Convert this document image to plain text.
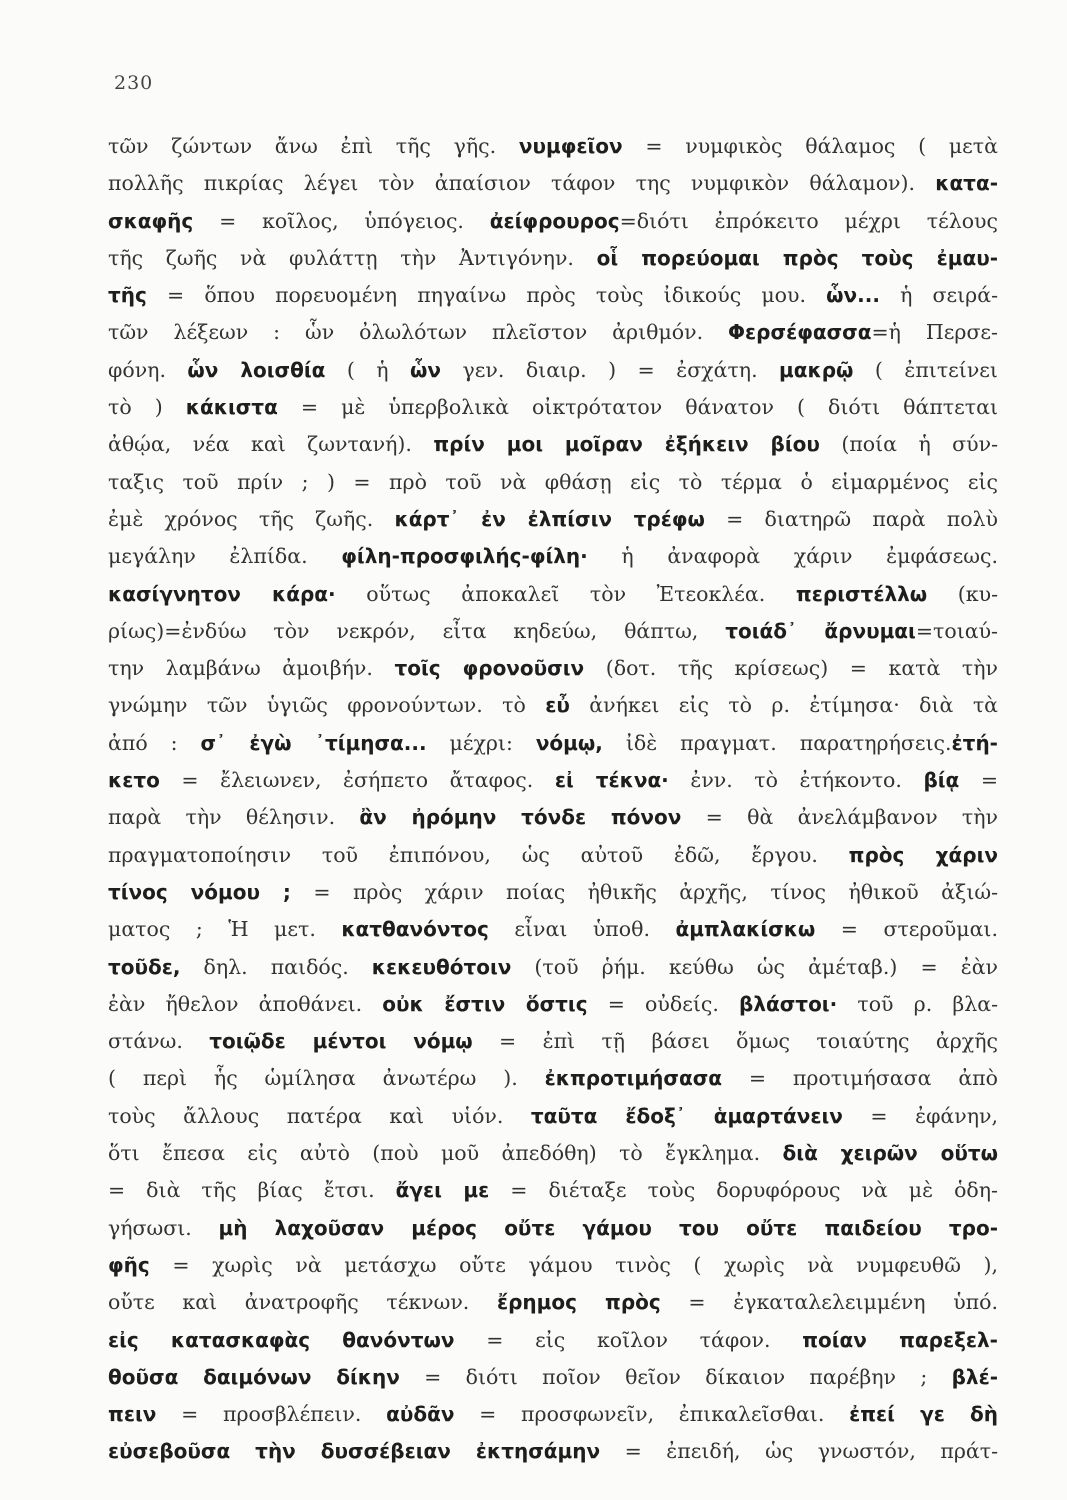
230
τῶν ζώντων ἄνω ἐπὶ τῆς γῆς. νυμφεῖον = νυμφικὸς θάλαμος ( μετὰ
πολλῆς πικρίας λέγει τὸν ἀπαίσιον τάφον της νυμφικὸν θάλαμον). κατα-
σκαφῆς = κοῖλος, ὑπόγειος. ἀείφρουρος=διότι ἐπρόκειτο μέχρι τέλους
τῆς ζωῆς νὰ φυλάττῃ τὴν Ἀντιγόνην. οἷ πορεύομαι πρὸς τοὺς ἐμαυ-
τῆς = ὅπου πορευομένη πηγαίνω πρὸς τοὺς ἰδικούς μου. ὧν... ἡ σειρά-
τῶν λέξεων : ὧν ὀλωλότων πλεῖστον ἀριθμόν. Φερσέφασσα=ἡ Περσε-
φόνη. ὧν λοισθία ( ἡ ὧν γεν. διαιρ. ) = ἐσχάτη. μακρῷ ( ἐπιτείνει
τὸ ) κάκιστα = μὲ ὑπερβολικὰ οἰκτρότατον θάνατον ( διότι θάπτεται
ἀθῴα, νέα καὶ ζωντανή). πρίν μοι μοῖραν ἐξήκειν βίου (ποία ἡ σύν-
ταξις τοῦ πρίν ; ) = πρὸ τοῦ νὰ φθάσῃ εἰς τὸ τέρμα ὁ εἱμαρμένος εἰς
ἐμὲ χρόνος τῆς ζωῆς. κάρτ᾿ ἐν ἐλπίσιν τρέφω = διατηρῶ παρὰ πολὺ
μεγάλην ἐλπίδα. φίλη-προσφιλής-φίλη· ἡ ἀναφορὰ χάριν ἐμφάσεως.
κασίγνητον κάρα· οὕτως ἀποκαλεῖ τὸν Ἐτεοκλέα. περιστέλλω (κυ-
ρίως)=ἐνδύω τὸν νεκρόν, εἶτα κηδεύω, θάπτω, τοιάδ᾿ ἄρνυμαι=τοιαύ-
την λαμβάνω ἀμοιβήν. τοῖς φρονοῦσιν (δοτ. τῆς κρίσεως) = κατὰ τὴν
γνώμην τῶν ὑγιῶς φρονούντων. τὸ εὖ ἀνήκει εἰς τὸ ρ. ἐτίμησα· διὰ τὰ
ἀπό : σ᾿ ἐγὼ ᾿τίμησα... μέχρι: νόμῳ, ἰδὲ πραγματ. παρατηρήσεις.ἐτή-
κετο = ἔλειωνεν, ἐσήπετο ἄταφος. εἰ τέκνα· ἐνν. τὸ ἐτήκοντο. βίᾳ =
παρὰ τὴν θέλησιν. ἂν ἠρόμην τόνδε πόνον = θὰ ἀνελάμβανον τὴν
πραγματοποίησιν τοῦ ἐπιπόνου, ὡς αὐτοῦ ἐδῶ, ἔργου. πρὸς χάριν
τίνος νόμου ; = πρὸς χάριν ποίας ἠθικῆς ἀρχῆς, τίνος ἠθικοῦ ἀξιώ-
ματος ; Ἡ μετ. κατθανόντος εἶναι ὑποθ. ἀμπλακίσκω = στεροῦμαι.
τοῦδε, δηλ. παιδός. κεκευθότοιν (τοῦ ῥήμ. κεύθω ὡς ἀμέταβ.) = ἐὰν
ἐὰν ἤθελον ἀποθάνει. οὐκ ἔστιν ὅστις = οὐδείς. βλάστοι· τοῦ ρ. βλα-
στάνω. τοιῷδε μέντοι νόμῳ = ἐπὶ τῇ βάσει ὅμως τοιαύτης ἀρχῆς
( περὶ ἧς ὡμίλησα ἀνωτέρω ). ἐκπροτιμήσασα = προτιμήσασα ἀπὸ
τοὺς ἄλλους πατέρα καὶ υἱόν. ταῦτα ἔδοξ᾿ ἁμαρτάνειν = ἐφάνην,
ὅτι ἔπεσα εἰς αὐτὸ (ποὺ μοῦ ἀπεδόθη) τὸ ἔγκλημα. διὰ χειρῶν οὕτω
= διὰ τῆς βίας ἔτσι. ἄγει με = διέταξε τοὺς δορυφόρους νὰ μὲ ὁδη-
γήσωσι. μὴ λαχοῦσαν μέρος οὔτε γάμου του οὔτε παιδείου τρο-
φῆς = χωρὶς νὰ μετάσχω οὔτε γάμου τινὸς ( χωρὶς νὰ νυμφευθῶ ),
οὔτε καὶ ἀνατροφῆς τέκνων. ἔρημος πρὸς = ἐγκαταλελειμμένη ὑπό.
εἰς κατασκαφὰς θανόντων = εἰς κοῖλον τάφον. ποίαν παρεξελ-
θοῦσα δαιμόνων δίκην = διότι ποῖον θεῖον δίκαιον παρέβην ; βλέ-
πειν = προσβλέπειν. αὐδᾶν = προσφωνεῖν, ἐπικαλεῖσθαι. ἐπεί γε δὴ
εὐσεβοῦσα τὴν δυσσέβειαν ἐκτησάμην = ἐπειδή, ὡς γνωστόν, πράτ-
